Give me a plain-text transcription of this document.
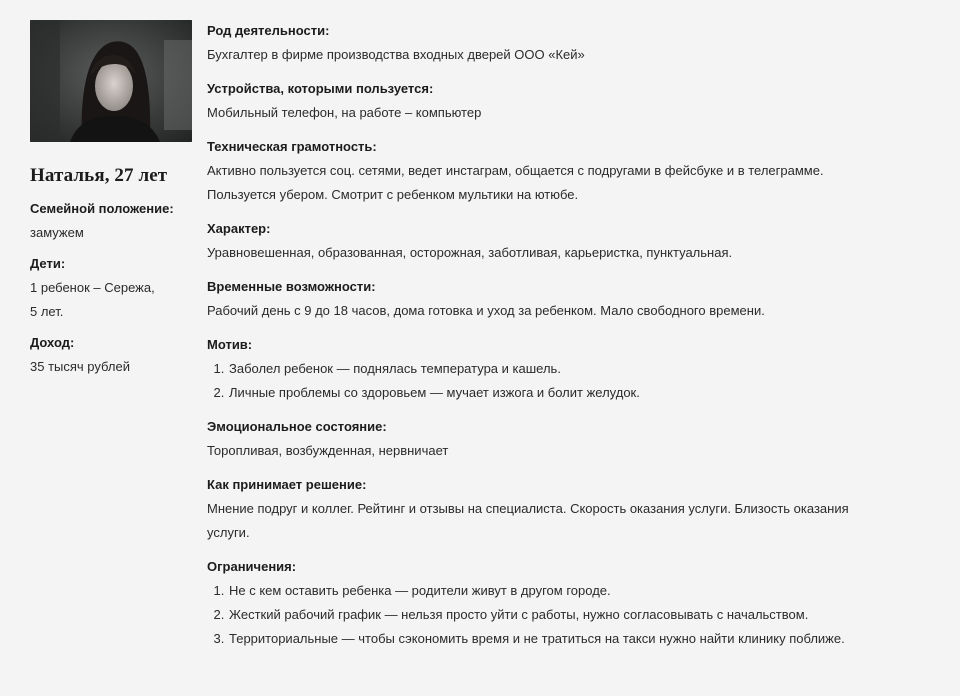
Наталья, 27 лет
Семейной положение:
замужем
Дети:
1 ребенок – Сережа,
5 лет.
Доход:
35 тысяч рублей
Род деятельности:
Бухгалтер в фирме производства входных дверей ООО «Кей»
Устройства, которыми пользуется:
Мобильный телефон, на работе – компьютер
Техническая грамотность:
Активно пользуется соц. сетями, ведет инстаграм, общается с подругами в фейсбуке и в телеграмме.
Пользуется убером. Смотрит с ребенком мультики на ютюбе.
Характер:
Уравновешенная, образованная, осторожная, заботливая, карьеристка, пунктуальная.
Временные возможности:
Рабочий день с 9 до 18 часов, дома готовка и уход за ребенком. Мало свободного времени.
Мотив:
1. Заболел ребенок — поднялась температура и кашель.
2. Личные проблемы со здоровьем — мучает изжога и болит желудок.
Эмоциональное состояние:
Торопливая, возбужденная, нервничает
Как принимает решение:
Мнение подруг и коллег. Рейтинг и отзывы на специалиста. Скорость оказания услуги. Близость оказания
услуги.
Ограничения:
1. Не с кем оставить ребенка — родители живут в другом городе.
2. Жесткий рабочий график — нельзя просто уйти с работы, нужно согласовывать с начальством.
3. Территориальные — чтобы сэкономить время и не тратиться на такси нужно найти клинику поближе.
